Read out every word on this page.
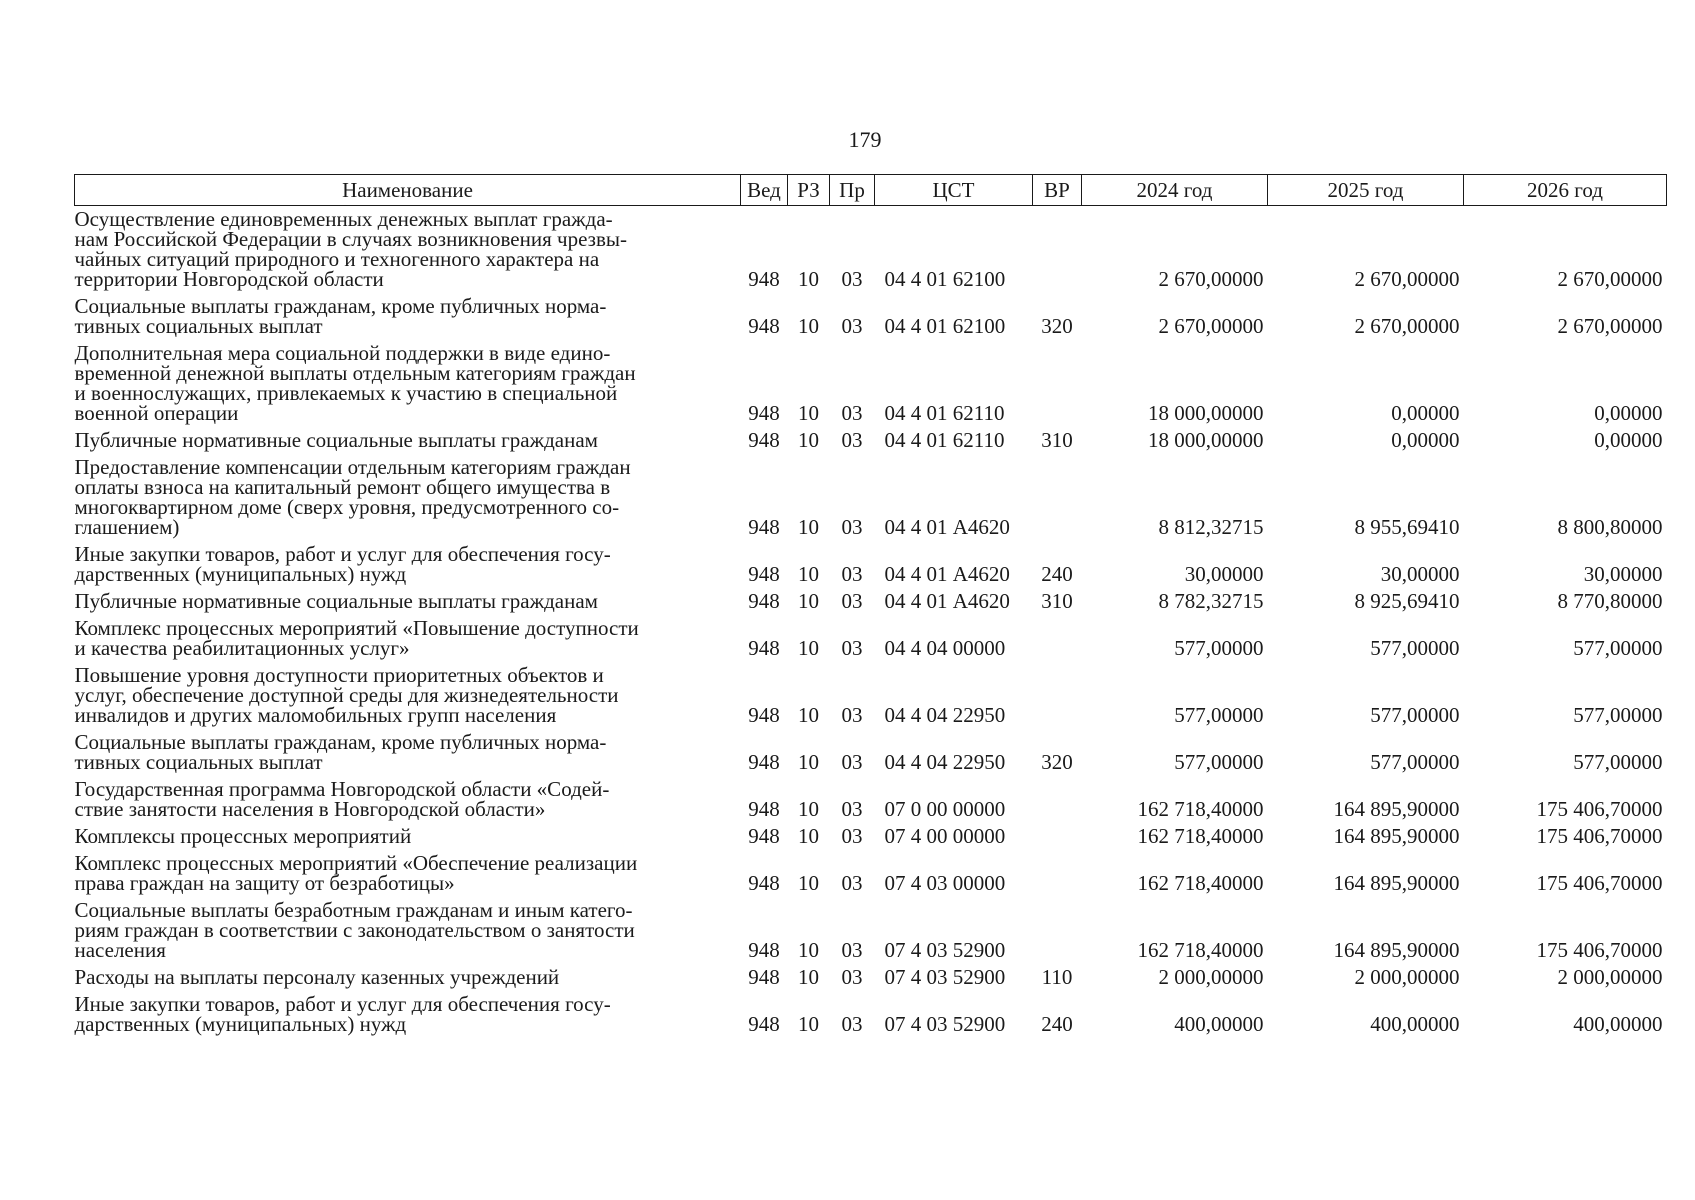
179
Наименование	Вед	РЗ	Пр	ЦСТ	ВР	2024 год	2025 год	2026 год

Осуществление единовременных денежных выплат гражда-
нам Российской Федерации в случаях возникновения чрезвы-
чайных ситуаций природного и техногенного характера на
территории Новгородской области	948	10	03	04 4 01 62100		2 670,00000	2 670,00000	2 670,00000

Социальные выплаты гражданам, кроме публичных норма-
тивных социальных выплат	948	10	03	04 4 01 62100	320	2 670,00000	2 670,00000	2 670,00000

Дополнительная мера социальной поддержки в виде едино-
временной денежной выплаты отдельным категориям граждан
и военнослужащих, привлекаемых к участию в специальной
военной операции	948	10	03	04 4 01 62110		18 000,00000	0,00000	0,00000

Публичные нормативные социальные выплаты гражданам	948	10	03	04 4 01 62110	310	18 000,00000	0,00000	0,00000

Предоставление компенсации отдельным категориям граждан
оплаты взноса на капитальный ремонт общего имущества в
многоквартирном доме (сверх уровня, предусмотренного со-
глашением)	948	10	03	04 4 01 А4620		8 812,32715	8 955,69410	8 800,80000

Иные закупки товаров, работ и услуг для обеспечения госу-
дарственных (муниципальных) нужд	948	10	03	04 4 01 А4620	240	30,00000	30,00000	30,00000

Публичные нормативные социальные выплаты гражданам	948	10	03	04 4 01 А4620	310	8 782,32715	8 925,69410	8 770,80000

Комплекс процессных мероприятий «Повышение доступности
и качества реабилитационных услуг»	948	10	03	04 4 04 00000		577,00000	577,00000	577,00000

Повышение уровня доступности приоритетных объектов и
услуг, обеспечение доступной среды для жизнедеятельности
инвалидов и других маломобильных групп населения	948	10	03	04 4 04 22950		577,00000	577,00000	577,00000

Социальные выплаты гражданам, кроме публичных норма-
тивных социальных выплат	948	10	03	04 4 04 22950	320	577,00000	577,00000	577,00000

Государственная программа Новгородской области «Содей-
ствие занятости населения в Новгородской области»	948	10	03	07 0 00 00000		162 718,40000	164 895,90000	175 406,70000

Комплексы процессных мероприятий	948	10	03	07 4 00 00000		162 718,40000	164 895,90000	175 406,70000

Комплекс процессных мероприятий «Обеспечение реализации
права граждан на защиту от безработицы»	948	10	03	07 4 03 00000		162 718,40000	164 895,90000	175 406,70000

Социальные выплаты безработным гражданам и иным катего-
риям граждан в соответствии с законодательством о занятости
населения	948	10	03	07 4 03 52900		162 718,40000	164 895,90000	175 406,70000

Расходы на выплаты персоналу казенных учреждений	948	10	03	07 4 03 52900	110	2 000,00000	2 000,00000	2 000,00000

Иные закупки товаров, работ и услуг для обеспечения госу-
дарственных (муниципальных) нужд	948	10	03	07 4 03 52900	240	400,00000	400,00000	400,00000
